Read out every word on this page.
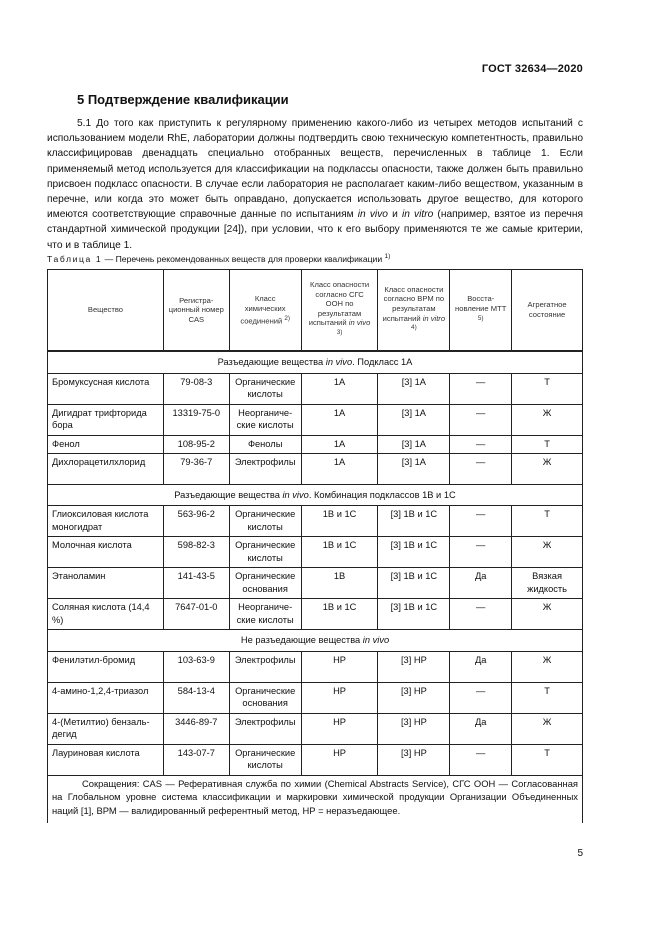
ГОСТ 32634—2020
5 Подтверждение квалификации
5.1 До того как приступить к регулярному применению какого-либо из четырех методов испытаний с использованием модели RhE, лаборатории должны подтвердить свою техническую компетентность, правильно классифицировав двенадцать специально отобранных веществ, перечисленных в таблице 1. Если применяемый метод используется для классификации на подклассы опасности, также должен быть правильно присвоен подкласс опасности. В случае если лаборатория не располагает каким-либо веществом, указанным в перечне, или когда это может быть оправдано, допускается использовать другое вещество, для которого имеются соответствующие справочные данные по испытаниям in vivo и in vitro (например, взятое из перечня стандартной химической продукции [24]), при условии, что к его выбору применяются те же самые критерии, что и в таблице 1.
Таблица 1 — Перечень рекомендованных веществ для проверки квалификации $^{1)}$
Вещество	Регистра-ционный номер CAS	Класс химических соединений $^{2)}$	Класс опасности согласно СГС ООН по результатам испытаний in vivo $^{3)}$	Класс опасности согласно ВРМ по результатам испытаний in vitro $^{4)}$	Восста-новление МТТ $^{5)}$	Агрегатное состояние
Разъедающие вещества in vivo. Подкласс 1А						
Бромуксусная кислота	79-08-3	Органические кислоты	1А	[3] 1А	—	Т
Дигидрат трифторида бора	13319-75-0	Неорганиче-ские кислоты	1А	[3] 1А	—	Ж
Фенол	108-95-2	Фенолы	1А	[3] 1А	—	Т
Дихлорацетилхлорид	79-36-7	Электрофилы	1А	[3] 1А	—	Ж
Разъедающие вещества in vivo. Комбинация подклассов 1В и 1С						
Глиоксиловая кислота моногидрат	563-96-2	Органические кислоты	1В и 1С	[3] 1В и 1С	—	Т
Молочная кислота	598-82-3	Органические кислоты	1В и 1С	[3] 1В и 1С	—	Ж
Этаноламин	141-43-5	Органические основания	1В	[3] 1В и 1С	Да	Вязкая жидкость
Соляная кислота (14,4 %)	7647-01-0	Неорганиче-ские кислоты	1В и 1С	[3] 1В и 1С	—	Ж
Не разъедающие вещества in vivo						
Фенилэтил-бромид	103-63-9	Электрофилы	НР	[3] НР	Да	Ж
4-амино-1,2,4-триазол	584-13-4	Органические основания	НР	[3] НР	—	Т
4-(Метилтио) бензаль-дегид	3446-89-7	Электрофилы	НР	[3] НР	Да	Ж
Лауриновая кислота	143-07-7	Органические кислоты	НР	[3] НР	—	Т
Сокращения: CAS — Реферативная служба по химии (Chemical Abstracts Service), СГС ООН — Согласованная на Глобальном уровне система классификации и маркировки химической продукции Организации Объединенных наций [1], ВРМ — валидированный референтный метод, НР = неразъедающее.
5
